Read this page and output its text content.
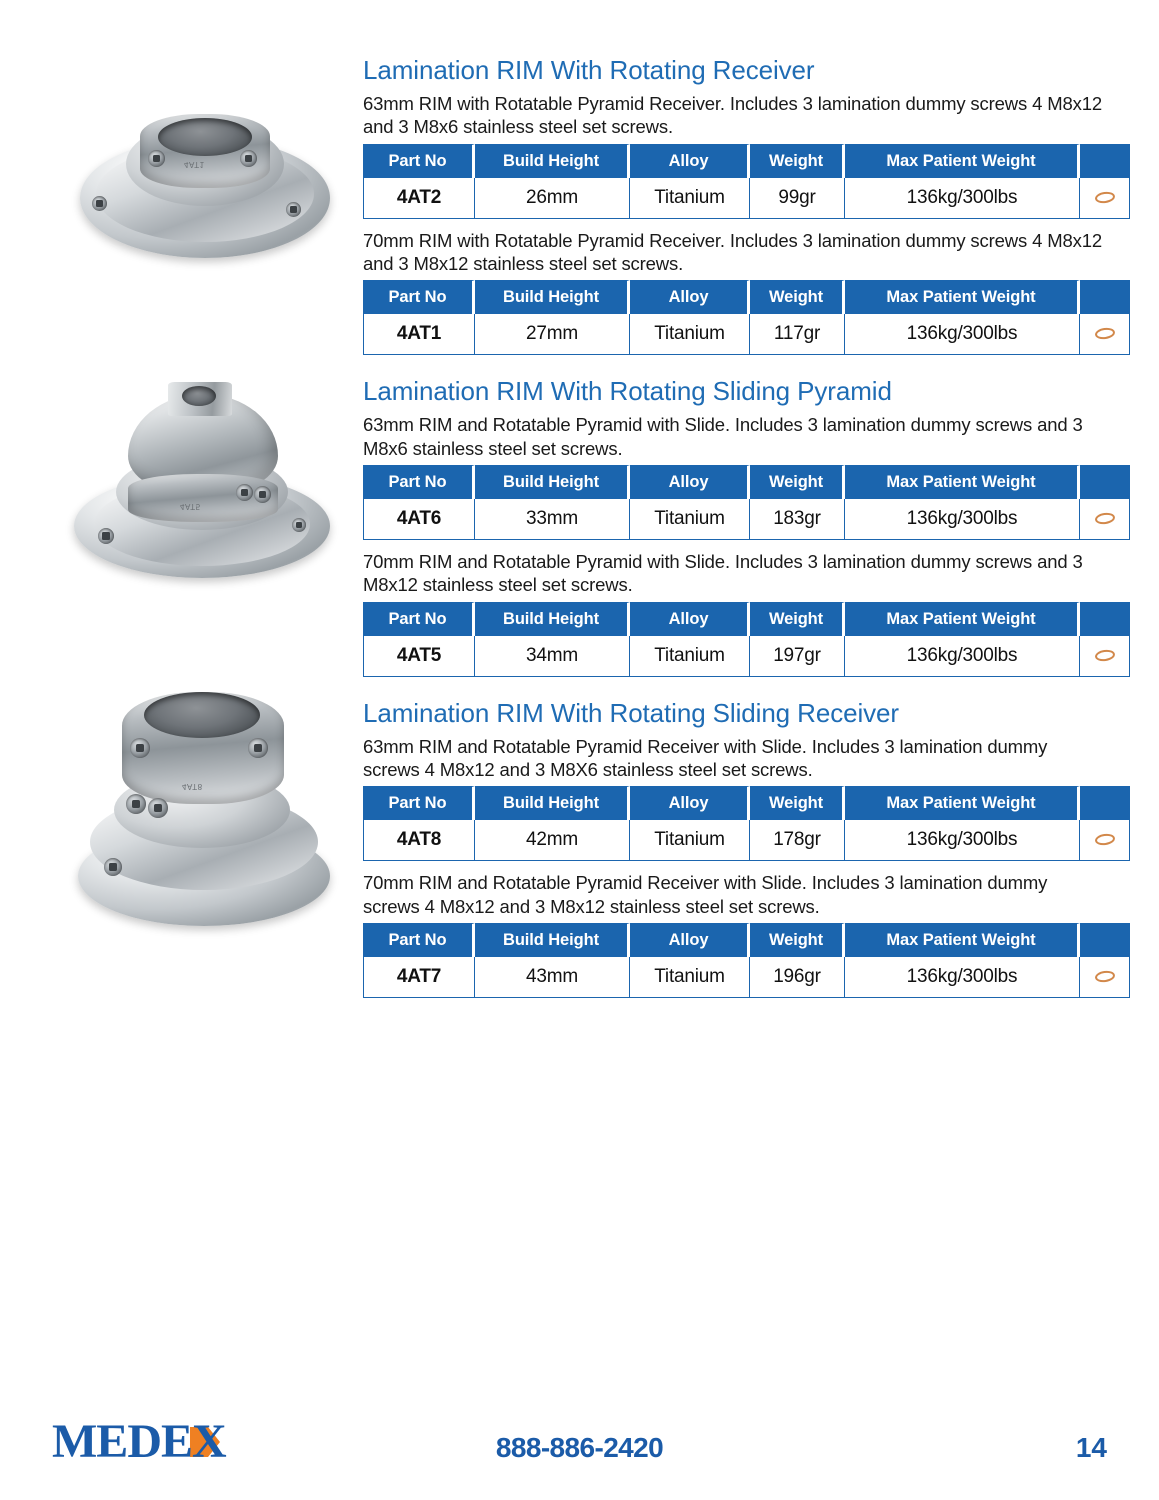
4AT1
4AT5
4AT8
Lamination RIM With Rotating Receiver

63mm RIM with Rotatable Pyramid Receiver. Includes 3 lamination dummy screws 4 M8x12 and 3 M8x6 stainless steel set screws.

Part No	Build Height	Alloy	Weight	Max Patient Weight	
4AT2	26mm	Titanium	99gr	136kg/300lbs	

70mm RIM with Rotatable Pyramid Receiver. Includes 3 lamination dummy screws 4 M8x12 and 3 M8x12 stainless steel set screws.

Part No	Build Height	Alloy	Weight	Max Patient Weight	
4AT1	27mm	Titanium	117gr	136kg/300lbs	
Lamination RIM With Rotating Sliding Pyramid

63mm RIM and Rotatable Pyramid with Slide. Includes 3 lamination dummy screws and 3 M8x6 stainless steel set screws.

Part No	Build Height	Alloy	Weight	Max Patient Weight	
4AT6	33mm	Titanium	183gr	136kg/300lbs	

70mm RIM and Rotatable Pyramid with Slide. Includes 3 lamination dummy screws and 3 M8x12 stainless steel set screws.

Part No	Build Height	Alloy	Weight	Max Patient Weight	
4AT5	34mm	Titanium	197gr	136kg/300lbs	
Lamination RIM With Rotating Sliding Receiver

63mm RIM and Rotatable Pyramid Receiver with Slide. Includes 3 lamination dummy screws 4 M8x12 and 3 M8X6 stainless steel set screws.

Part No	Build Height	Alloy	Weight	Max Patient Weight	
4AT8	42mm	Titanium	178gr	136kg/300lbs	

70mm RIM and Rotatable Pyramid Receiver with Slide. Includes 3 lamination dummy screws 4 M8x12 and 3 M8x12 stainless steel set screws.

Part No	Build Height	Alloy	Weight	Max Patient Weight	
4AT7	43mm	Titanium	196gr	136kg/300lbs	
MEDEX	888-886-2420	14
